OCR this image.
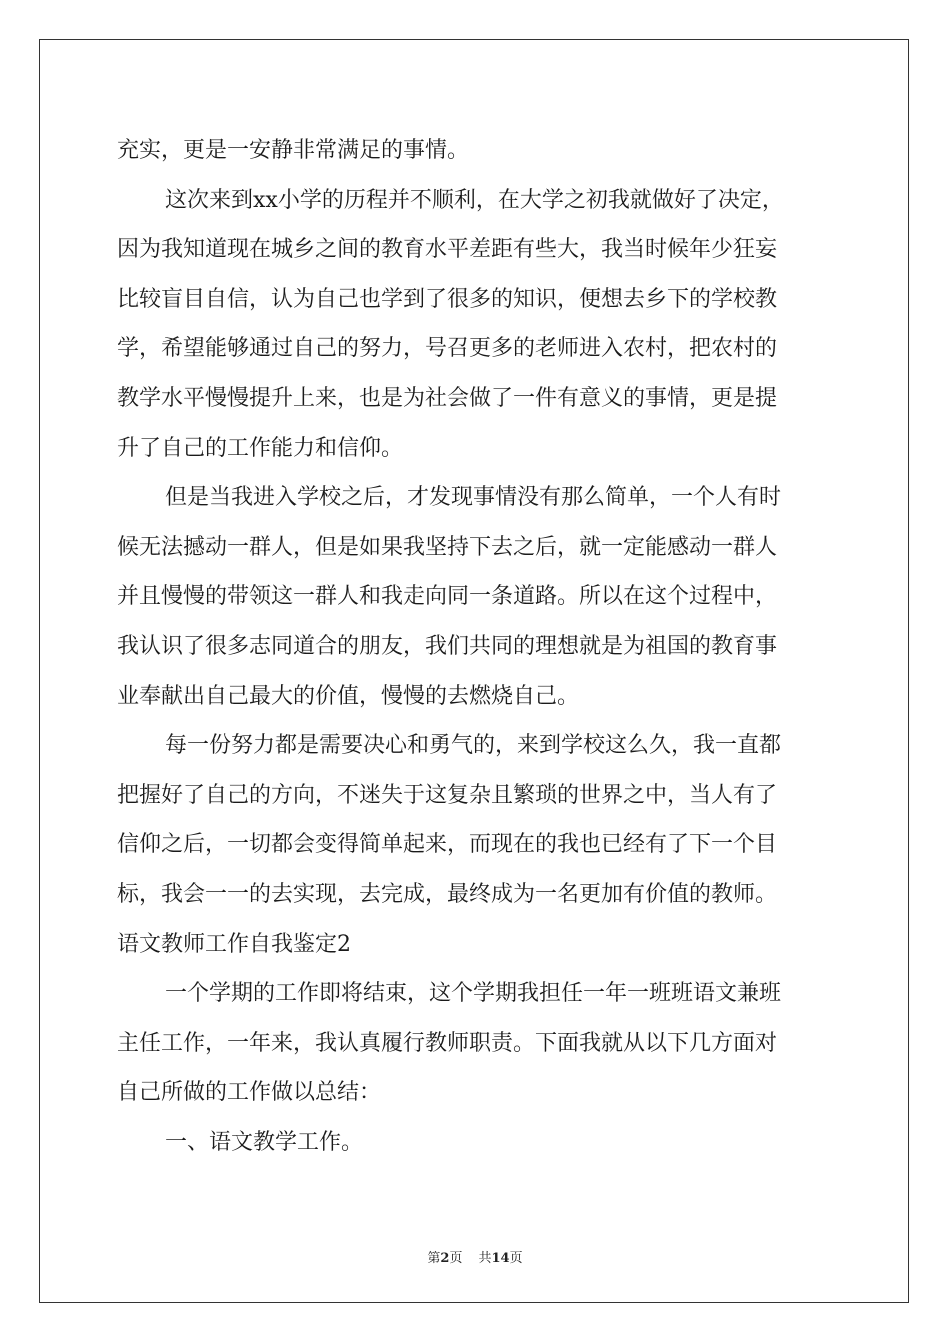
充实，更是一安静非常满足的事情。
这次来到xx小学的历程并不顺利，在大学之初我就做好了决定，
因为我知道现在城乡之间的教育水平差距有些大，我当时候年少狂妄
比较盲目自信，认为自己也学到了很多的知识，便想去乡下的学校教
学，希望能够通过自己的努力，号召更多的老师进入农村，把农村的
教学水平慢慢提升上来，也是为社会做了一件有意义的事情，更是提
升了自己的工作能力和信仰。
但是当我进入学校之后，才发现事情没有那么简单，一个人有时
候无法撼动一群人，但是如果我坚持下去之后，就一定能感动一群人
并且慢慢的带领这一群人和我走向同一条道路。所以在这个过程中，
我认识了很多志同道合的朋友，我们共同的理想就是为祖国的教育事
业奉献出自己最大的价值，慢慢的去燃烧自己。
每一份努力都是需要决心和勇气的，来到学校这么久，我一直都
把握好了自己的方向，不迷失于这复杂且繁琐的世界之中，当人有了
信仰之后，一切都会变得简单起来，而现在的我也已经有了下一个目
标，我会一一的去实现，去完成，最终成为一名更加有价值的教师。
语文教师工作自我鉴定2
一个学期的工作即将结束，这个学期我担任一年一班班语文兼班
主任工作，一年来，我认真履行教师职责。下面我就从以下几方面对
自己所做的工作做以总结：
一、语文教学工作。
第2页 共14页
